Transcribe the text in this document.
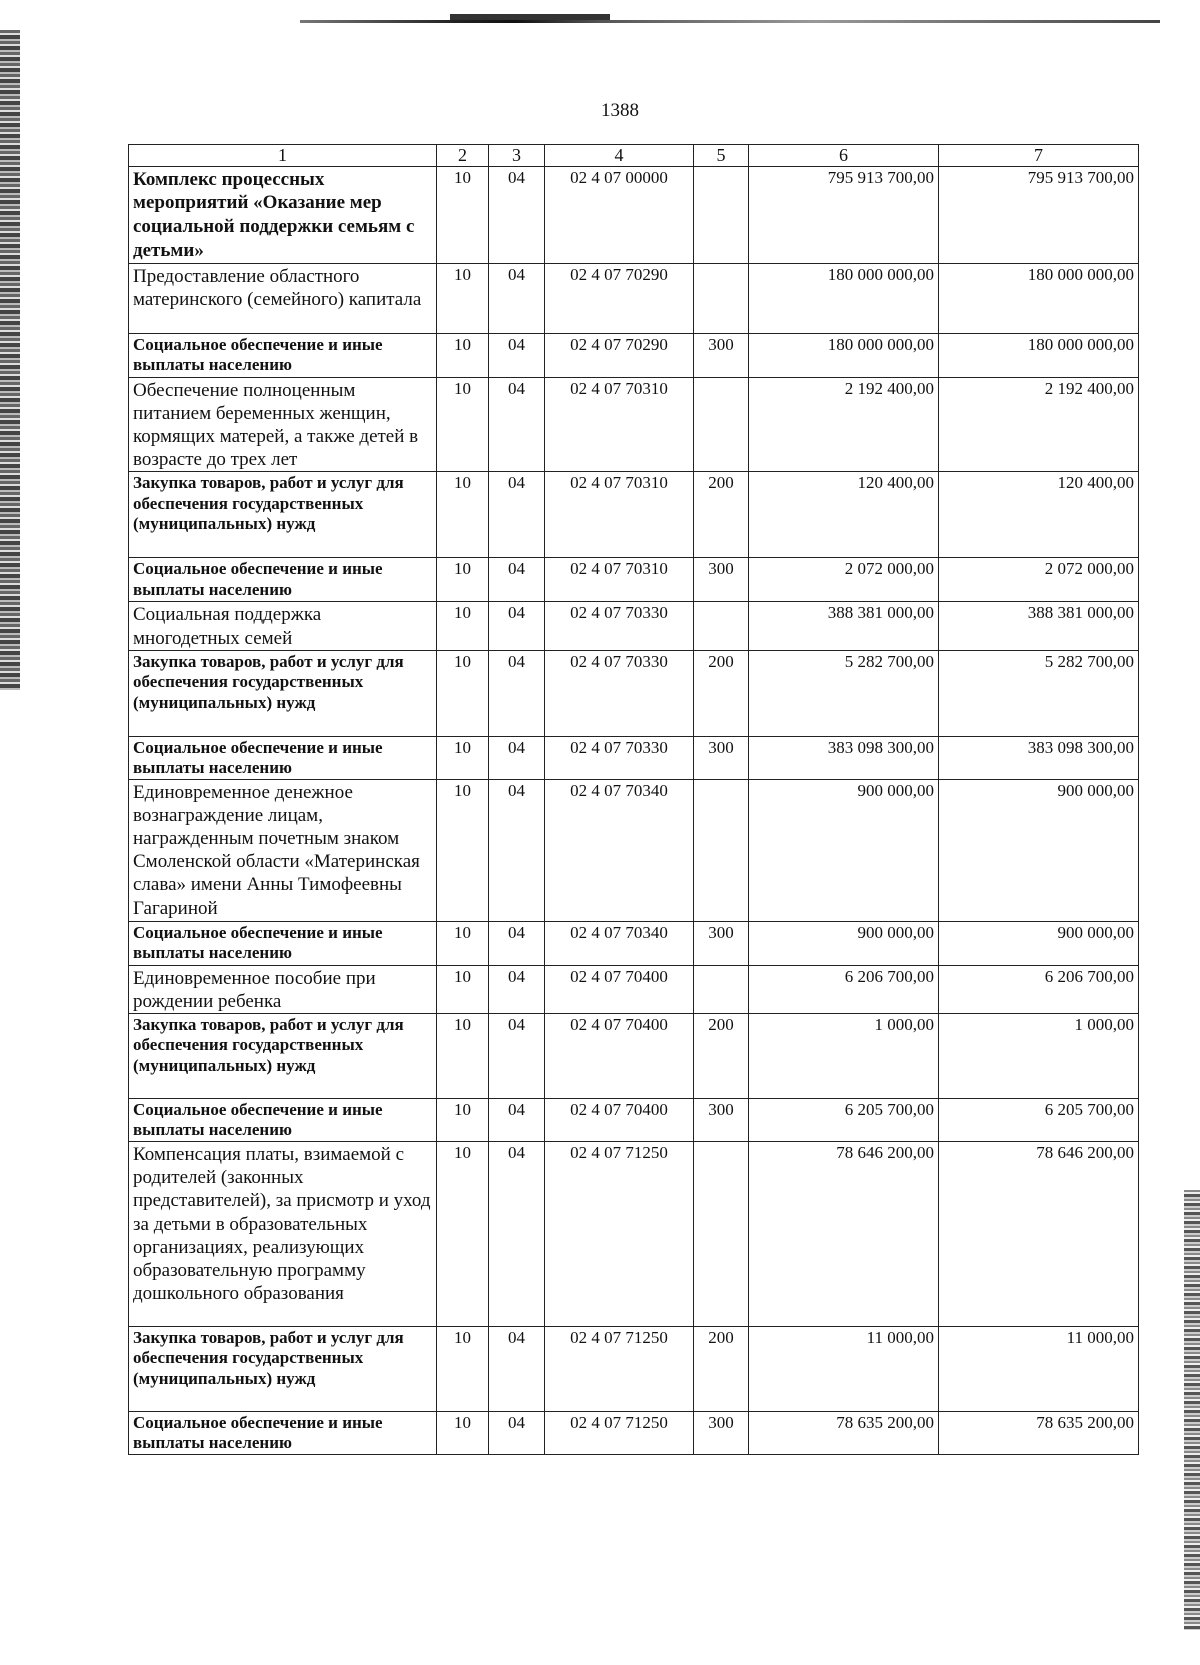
1388
1	2	3	4	5	6	7
Комплекс процессных мероприятий «Оказание мер социальной поддержки семьям с детьми»	10	04	02 4 07 00000		795 913 700,00	795 913 700,00
Предоставление областного материнского (семейного) капитала	10	04	02 4 07 70290		180 000 000,00	180 000 000,00
Социальное обеспечение и иные выплаты населению	10	04	02 4 07 70290	300	180 000 000,00	180 000 000,00
Обеспечение полноценным питанием беременных женщин, кормящих матерей, а также детей в возрасте до трех лет	10	04	02 4 07 70310		2 192 400,00	2 192 400,00
Закупка товаров, работ и услуг для обеспечения государственных (муниципальных) нужд	10	04	02 4 07 70310	200	120 400,00	120 400,00
Социальное обеспечение и иные выплаты населению	10	04	02 4 07 70310	300	2 072 000,00	2 072 000,00
Социальная поддержка многодетных семей	10	04	02 4 07 70330		388 381 000,00	388 381 000,00
Закупка товаров, работ и услуг для обеспечения государственных (муниципальных) нужд	10	04	02 4 07 70330	200	5 282 700,00	5 282 700,00
Социальное обеспечение и иные выплаты населению	10	04	02 4 07 70330	300	383 098 300,00	383 098 300,00
Единовременное денежное вознаграждение лицам, награжденным почетным знаком Смоленской области «Материнская слава» имени Анны Тимофеевны Гагариной	10	04	02 4 07 70340		900 000,00	900 000,00
Социальное обеспечение и иные выплаты населению	10	04	02 4 07 70340	300	900 000,00	900 000,00
Единовременное пособие при рождении ребенка	10	04	02 4 07 70400		6 206 700,00	6 206 700,00
Закупка товаров, работ и услуг для обеспечения государственных (муниципальных) нужд	10	04	02 4 07 70400	200	1 000,00	1 000,00
Социальное обеспечение и иные выплаты населению	10	04	02 4 07 70400	300	6 205 700,00	6 205 700,00
Компенсация платы, взимаемой с родителей (законных представителей), за присмотр и уход за детьми в образовательных организациях, реализующих образовательную программу дошкольного образования	10	04	02 4 07 71250		78 646 200,00	78 646 200,00
Закупка товаров, работ и услуг для обеспечения государственных (муниципальных) нужд	10	04	02 4 07 71250	200	11 000,00	11 000,00
Социальное обеспечение и иные выплаты населению	10	04	02 4 07 71250	300	78 635 200,00	78 635 200,00
